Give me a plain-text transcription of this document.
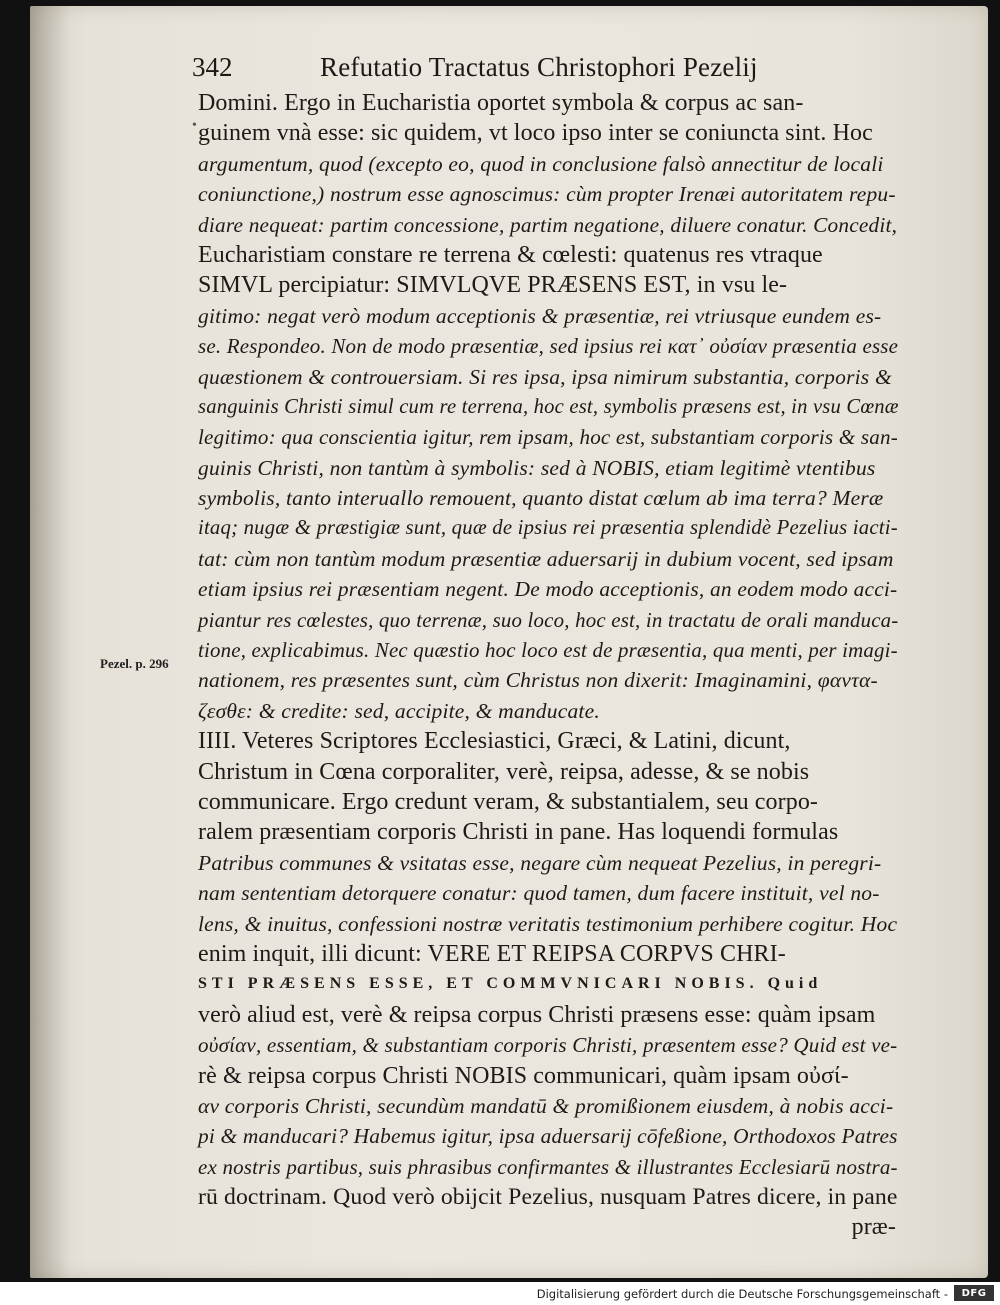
342	Refutatio Tractatus Christophori Pezelij
•
Domini. Ergo in Eucharistia oportet symbola & corpus ac san-
guinem vnà esse: sic quidem, vt loco ipso inter se coniuncta sint. Hoc
argumentum, quod (excepto eo, quod in conclusione falsò annectitur de locali
coniunctione,) nostrum esse agnoscimus: cùm propter Irenæi autoritatem repu-
diare nequeat: partim concessione, partim negatione, diluere conatur. Concedit,
Eucharistiam constare re terrena & cœlesti: quatenus res vtraque
SIMVL percipiatur: SIMVLQVE PRÆSENS EST, in vsu le-
gitimo: negat verò modum acceptionis & præsentiæ, rei vtriusque eundem es-
se. Respondeo. Non de modo præsentiæ, sed ipsius rei κατ᾽ οὐσίαν præsentia esse
quæstionem & controuersiam. Si res ipsa, ipsa nimirum substantia, corporis &
sanguinis Christi simul cum re terrena, hoc est, symbolis præsens est, in vsu Cœnæ
legitimo: qua conscientia igitur, rem ipsam, hoc est, substantiam corporis & san-
guinis Christi, non tantùm à symbolis: sed à NOBIS, etiam legitimè vtentibus
symbolis, tanto interuallo remouent, quanto distat cœlum ab ima terra? Meræ
itaq; nugæ & præstigiæ sunt, quæ de ipsius rei præsentia splendidè Pezelius iacti-
tat: cùm non tantùm modum præsentiæ aduersarij in dubium vocent, sed ipsam
etiam ipsius rei præsentiam negent. De modo acceptionis, an eodem modo acci-
piantur res cœlestes, quo terrenæ, suo loco, hoc est, in tractatu de orali manduca-
tione, explicabimus. Nec quæstio hoc loco est de præsentia, qua menti, per imagi-
nationem, res præsentes sunt, cùm Christus non dixerit: Imaginamini, φαντα-
ζεσθε: & credite: sed, accipite, & manducate.
IIII. Veteres Scriptores Ecclesiastici, Græci, & Latini, dicunt,
Christum in Cœna corporaliter, verè, reipsa, adesse, & se nobis
communicare. Ergo credunt veram, & substantialem, seu corpo-
ralem præsentiam corporis Christi in pane. Has loquendi formulas
Patribus communes & vsitatas esse, negare cùm nequeat Pezelius, in peregri-
nam sententiam detorquere conatur: quod tamen, dum facere instituit, vel no-
lens, & inuitus, confessioni nostræ veritatis testimonium perhibere cogitur. Hoc
enim inquit, illi dicunt: VERE ET REIPSA CORPVS CHRI-
STI PRÆSENS ESSE, ET COMMVNICARI NOBIS. Quid
verò aliud est, verè & reipsa corpus Christi præsens esse: quàm ipsam
οὐσίαν, essentiam, & substantiam corporis Christi, præsentem esse? Quid est ve-
rè & reipsa corpus Christi NOBIS communicari, quàm ipsam οὐσί-
αν corporis Christi, secundùm mandatū & promißionem eiusdem, à nobis acci-
pi & manducari? Habemus igitur, ipsa aduersarij cōfeßione, Orthodoxos Patres
ex nostris partibus, suis phrasibus confirmantes & illustrantes Ecclesiarū nostra-
rū doctrinam. Quod verò obijcit Pezelius, nusquam Patres dicere, in pane
præ-
Pezel. p. 296
Digitalisierung gefördert durch die Deutsche Forschungsgemeinschaft -	DFG
